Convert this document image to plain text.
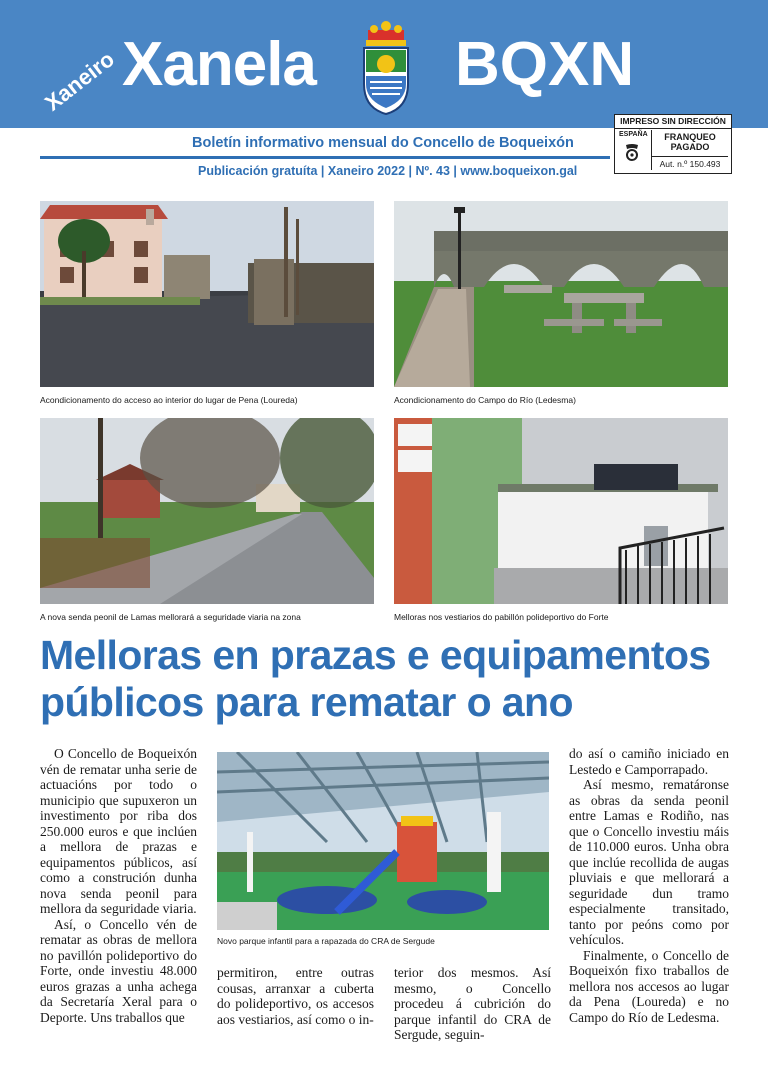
Xaneiro Xanela BQXN
Boletín informativo mensual do Concello de Boqueixón
Publicación gratuíta | Xaneiro 2022 | Nº. 43 | www.boqueixon.gal
IMPRESO SIN DIRECCIÓN
ESPAÑA	FRANQUEO
PAGADO
Aut. n.º 150.493
Acondicionamento do acceso ao interior do lugar de Pena (Loureda)	Acondicionamento do Campo do Río (Ledesma)
A nova senda peonil de Lamas mellorará a seguridade viaria na zona	Melloras nos vestiarios do pabillón polideportivo do Forte
Melloras en prazas e equipamentos
públicos para rematar o ano

O Concello de Boqueixón vén de rematar unha serie de actuacións por todo o municipio que supuxeron un investimento por riba dos 250.000 euros e que inclúen a mellora de prazas e equipamentos públicos, así como a construción dunha nova senda peonil para mellora da seguridade viaria.

Así, o Concello vén de rematar as obras de mellora no pavillón polideportivo do Forte, onde investiu 48.000 euros grazas a unha achega da Secretaría Xeral para o Deporte. Uns traballos que

Novo parque infantil para a rapazada do CRA de Sergude

permitiron, entre outras cousas, arranxar a cuberta do polideportivo, os accesos aos vestiarios, así como o in-

terior dos mesmos. Así mesmo, o Concello procedeu á cubrición do parque infantil do CRA de Sergude, seguin-

do así o camiño iniciado en Lestedo e Camporrapado.

Así mesmo, rematáronse as obras da senda peonil entre Lamas e Rodiño, nas que o Concello investiu máis de 110.000 euros. Unha obra que inclúe recollida de augas pluviais e que mellorará a seguridade dun tramo especialmente transitado, tanto por peóns como por vehículos.

Finalmente, o Concello de Boqueixón fixo traballos de mellora nos accesos ao lugar da Pena (Loureda) e no Campo do Río de Ledesma.
